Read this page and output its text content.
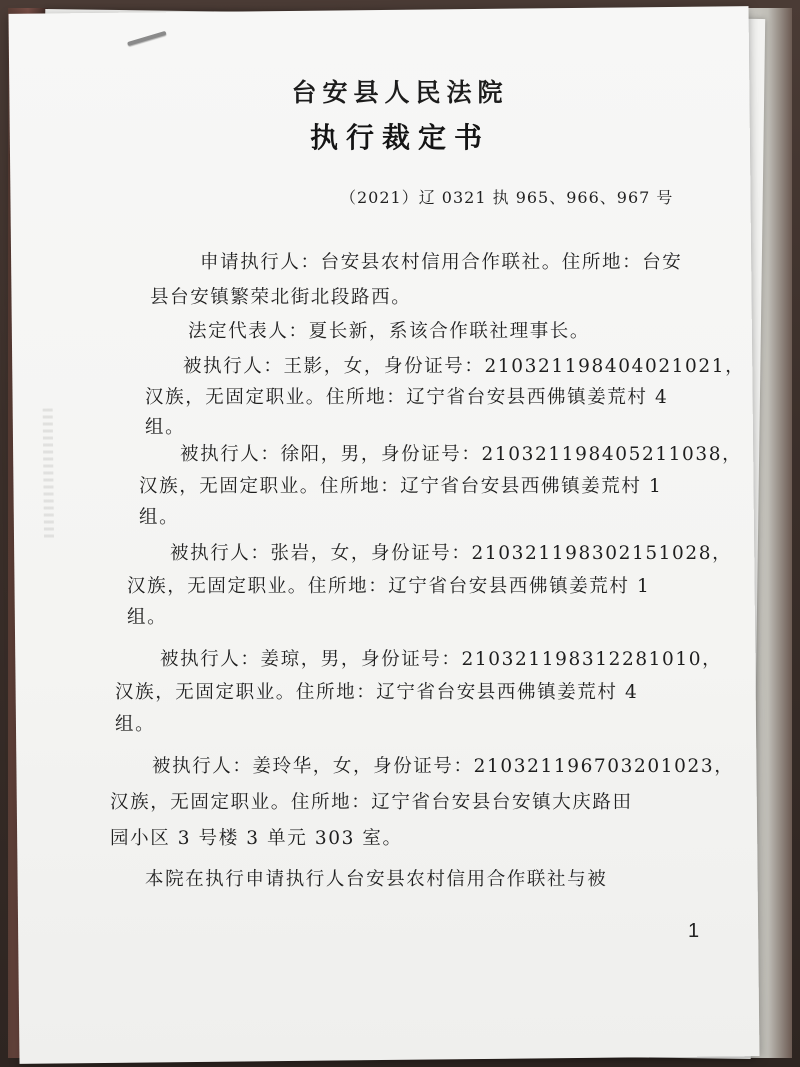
台安县人民法院
执行裁定书
（2021）辽 0321 执 965、966、967 号
申请执行人：台安县农村信用合作联社。住所地：台安
县台安镇繁荣北街北段路西。
法定代表人：夏长新，系该合作联社理事长。
被执行人：王影，女，身份证号：210321198404021021，
汉族，无固定职业。住所地：辽宁省台安县西佛镇姜荒村 4
组。
被执行人：徐阳，男，身份证号：210321198405211038，
汉族，无固定职业。住所地：辽宁省台安县西佛镇姜荒村 1
组。
被执行人：张岩，女，身份证号：210321198302151028，
汉族，无固定职业。住所地：辽宁省台安县西佛镇姜荒村 1
组。
被执行人：姜琼，男，身份证号：210321198312281010，
汉族，无固定职业。住所地：辽宁省台安县西佛镇姜荒村 4
组。
被执行人：姜玲华，女，身份证号：210321196703201023，
汉族，无固定职业。住所地：辽宁省台安县台安镇大庆路田
园小区 3 号楼 3 单元 303 室。
本院在执行申请执行人台安县农村信用合作联社与被
1
